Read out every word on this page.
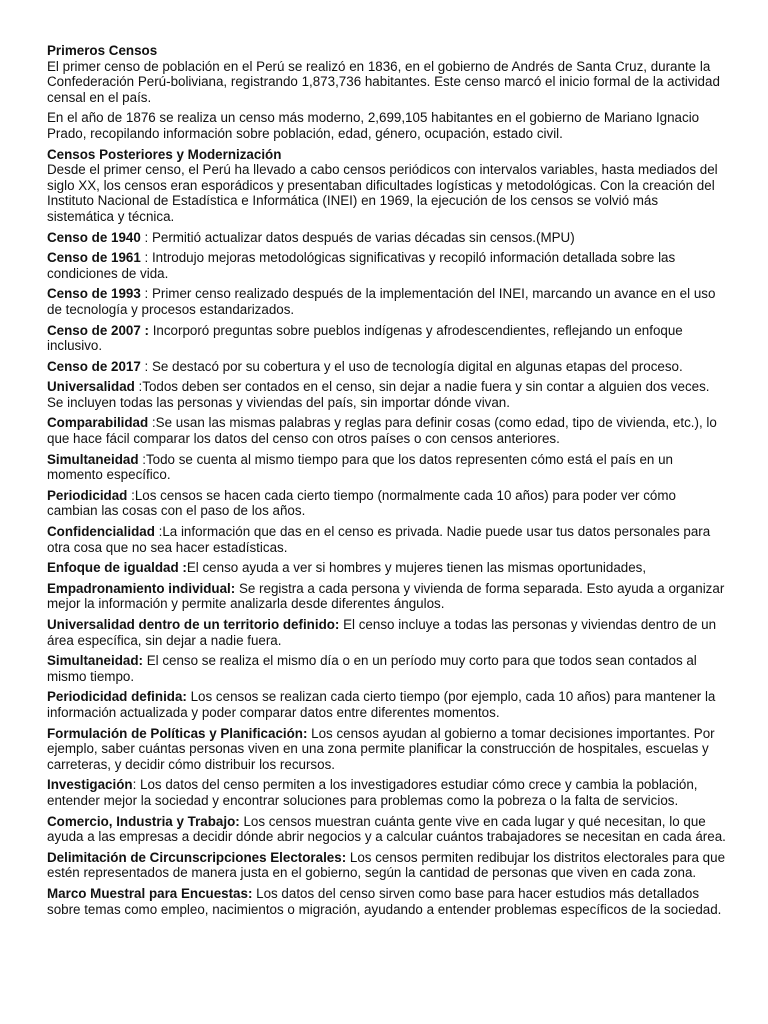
Primeros Censos

El primer censo de población en el Perú se realizó en 1836, en el gobierno de Andrés de Santa Cruz, durante la Confederación Perú-boliviana, registrando 1,873,736 habitantes. Este censo marcó el inicio formal de la actividad censal en el país.

En el año de 1876 se realiza un censo más moderno, 2,699,105 habitantes en el gobierno de Mariano Ignacio Prado, recopilando información sobre población, edad, género, ocupación, estado civil.

Censos Posteriores y Modernización
Desde el primer censo, el Perú ha llevado a cabo censos periódicos con intervalos variables, hasta mediados del siglo XX, los censos eran esporádicos y presentaban dificultades logísticas y metodológicas. Con la creación del Instituto Nacional de Estadística e Informática (INEI) en 1969, la ejecución de los censos se volvió más sistemática y técnica.
Censo de 1940 : Permitió actualizar datos después de varias décadas sin censos.(MPU)
Censo de 1961 : Introdujo mejoras metodológicas significativas y recopiló información detallada sobre las condiciones de vida.
Censo de 1993 : Primer censo realizado después de la implementación del INEI, marcando un avance en el uso de tecnología y procesos estandarizados.
Censo de 2007 : Incorporó preguntas sobre pueblos indígenas y afrodescendientes, reflejando un enfoque inclusivo.
Censo de 2017 : Se destacó por su cobertura y el uso de tecnología digital en algunas etapas del proceso.
Universalidad :Todos deben ser contados en el censo, sin dejar a nadie fuera y sin contar a alguien dos veces. Se incluyen todas las personas y viviendas del país, sin importar dónde vivan.
Comparabilidad :Se usan las mismas palabras y reglas para definir cosas (como edad, tipo de vivienda, etc.), lo que hace fácil comparar los datos del censo con otros países o con censos anteriores.
Simultaneidad :Todo se cuenta al mismo tiempo para que los datos representen cómo está el país en un momento específico.
Periodicidad :Los censos se hacen cada cierto tiempo (normalmente cada 10 años) para poder ver cómo cambian las cosas con el paso de los años.
Confidencialidad :La información que das en el censo es privada. Nadie puede usar tus datos personales para otra cosa que no sea hacer estadísticas.
Enfoque de igualdad :El censo ayuda a ver si hombres y mujeres tienen las mismas oportunidades,
Empadronamiento individual: Se registra a cada persona y vivienda de forma separada. Esto ayuda a organizar mejor la información y permite analizarla desde diferentes ángulos.
Universalidad dentro de un territorio definido: El censo incluye a todas las personas y viviendas dentro de un área específica, sin dejar a nadie fuera.
Simultaneidad: El censo se realiza el mismo día o en un período muy corto para que todos sean contados al mismo tiempo.
Periodicidad definida: Los censos se realizan cada cierto tiempo (por ejemplo, cada 10 años) para mantener la información actualizada y poder comparar datos entre diferentes momentos.
Formulación de Políticas y Planificación: Los censos ayudan al gobierno a tomar decisiones importantes. Por ejemplo, saber cuántas personas viven en una zona permite planificar la construcción de hospitales, escuelas y carreteras, y decidir cómo distribuir los recursos.
Investigación: Los datos del censo permiten a los investigadores estudiar cómo crece y cambia la población, entender mejor la sociedad y encontrar soluciones para problemas como la pobreza o la falta de servicios.
Comercio, Industria y Trabajo: Los censos muestran cuánta gente vive en cada lugar y qué necesitan, lo que ayuda a las empresas a decidir dónde abrir negocios y a calcular cuántos trabajadores se necesitan en cada área.
Delimitación de Circunscripciones Electorales: Los censos permiten redibujar los distritos electorales para que estén representados de manera justa en el gobierno, según la cantidad de personas que viven en cada zona.
Marco Muestral para Encuestas: Los datos del censo sirven como base para hacer estudios más detallados sobre temas como empleo, nacimientos o migración, ayudando a entender problemas específicos de la sociedad.
